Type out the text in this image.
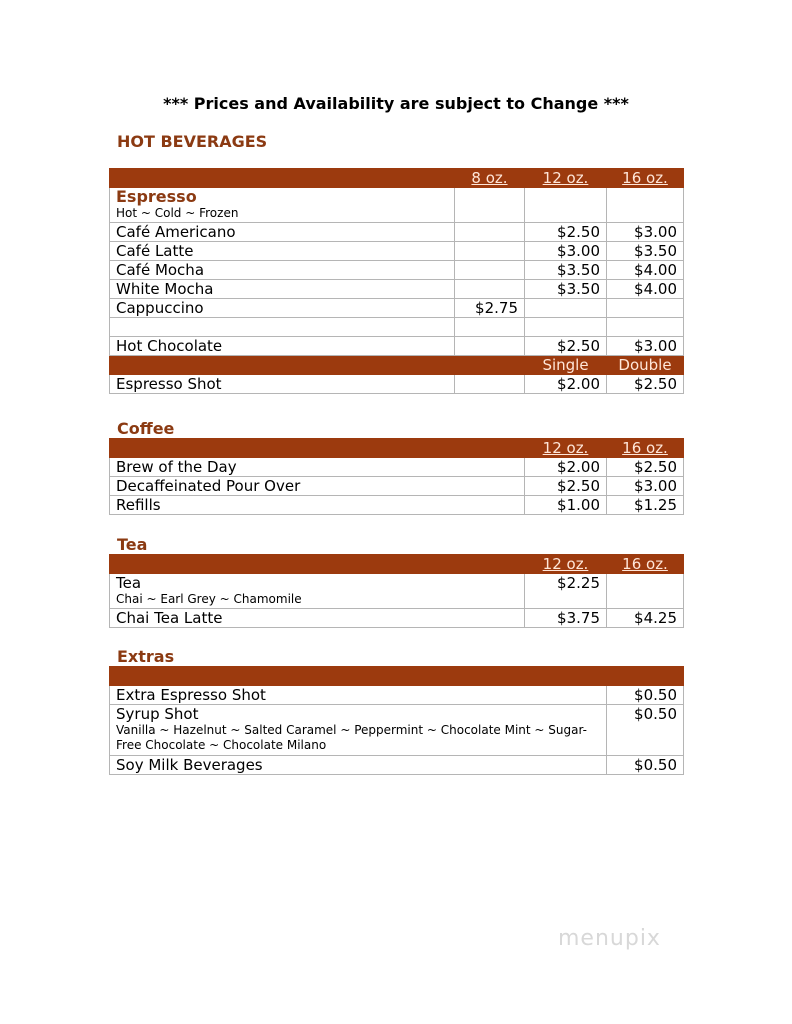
*** Prices and Availability are subject to Change ***
HOT BEVERAGES
	8 oz.	12 oz.	16 oz.

Espresso
Hot ~ Cold ~ Frozen			

Café Americano		$2.50	$3.00
Café Latte		$3.00	$3.50
Café Mocha		$3.50	$4.00
White Mocha		$3.50	$4.00
Cappuccino	$2.75		

Hot Chocolate		$2.50	$3.00
		Single	Double
Espresso Shot		$2.00	$2.50
Coffee
	12 oz.	16 oz.
Brew of the Day	$2.00	$2.50
Decaffeinated Pour Over	$2.50	$3.00
Refills	$1.00	$1.25
Tea
	12 oz.	16 oz.

Tea
Chai ~ Earl Grey ~ Chamomile	$2.25	
Chai Tea Latte	$3.75	$4.25
Extras

Extra Espresso Shot	$0.50

Syrup Shot
Vanilla ~ Hazelnut ~ Salted Caramel ~ Peppermint ~ Chocolate Mint ~ Sugar-Free Chocolate ~ Chocolate Milano	$0.50
Soy Milk Beverages	$0.50
menupix
